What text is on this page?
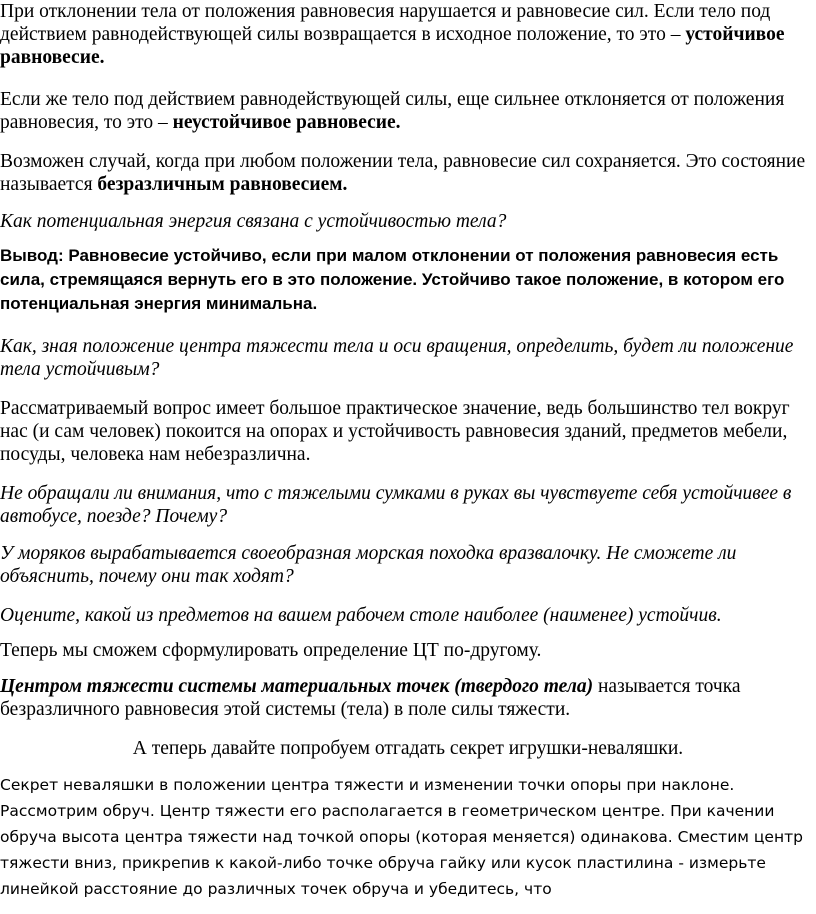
При отклонении тела от положения равновесия нарушается и равновесие сил. Если тело под действием равнодействующей силы возвращается в исходное положение, то это – устойчивое равновесие.

Если же тело под действием равнодействующей силы, еще сильнее отклоняется от положения равновесия, то это – неустойчивое равновесие.

Возможен случай, когда при любом положении тела, равновесие сил сохраняется. Это состояние называется безразличным равновесием.

Как потенциальная энергия связана с устойчивостью тела?

Вывод: Равновесие устойчиво, если при малом отклонении от положения равновесия есть сила, стремящаяся вернуть его в это положение. Устойчиво такое положение, в котором его потенциальная энергия минимальна.

Как, зная положение центра тяжести тела и оси вращения, определить, будет ли положение тела устойчивым?

Рассматриваемый вопрос имеет большое практическое значение, ведь большинство тел вокруг нас (и сам человек) покоится на опорах и устойчивость равновесия зданий, предметов мебели, посуды, человека нам небезразлична.

Не обращали ли внимания, что с тяжелыми сумками в руках вы чувствуете себя устойчивее в автобусе, поезде? Почему?

У моряков вырабатывается своеобразная морская походка вразвалочку. Не сможете ли объяснить, почему они так ходят?

Оцените, какой из предметов на вашем рабочем столе наиболее (наименее) устойчив.

Теперь мы сможем сформулировать определение ЦТ по-другому.

Центром тяжести системы материальных точек (твердого тела) называется точка безразличного равновесия этой системы (тела) в поле силы тяжести.

А теперь давайте попробуем отгадать секрет игрушки-неваляшки.

Секрет неваляшки в положении центра тяжести и изменении точки опоры при наклоне. Рассмотрим обруч. Центр тяжести его располагается в геометрическом центре. При качении обруча высота центра тяжести над точкой опоры (которая меняется) одинакова. Сместим центр тяжести вниз, прикрепив к какой-либо точке обруча гайку или кусок пластилина - измерьте линейкой расстояние до различных точек обруча и убедитесь, что
